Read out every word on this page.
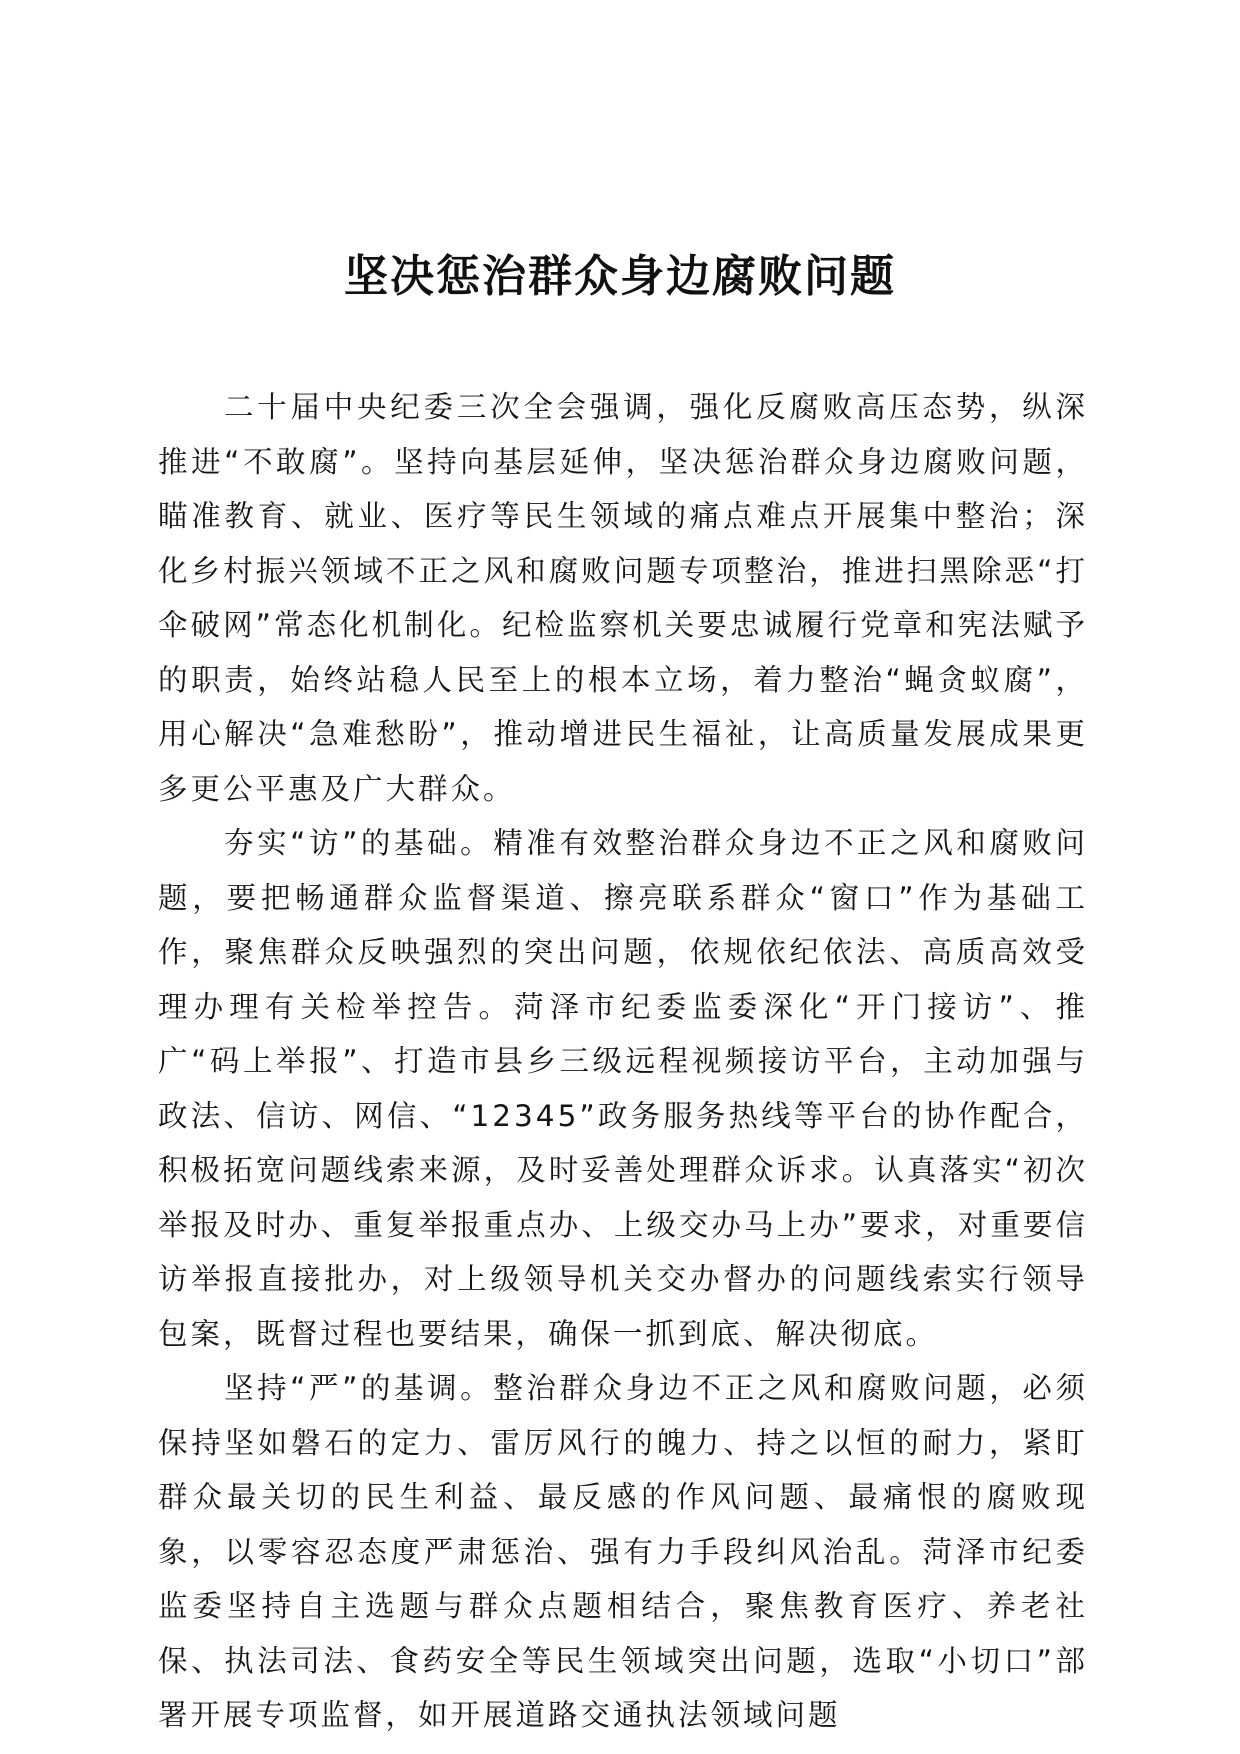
坚决惩治群众身边腐败问题

二十届中央纪委三次全会强调，强化反腐败高压态势，纵深推进“不敢腐”。坚持向基层延伸，坚决惩治群众身边腐败问题，瞄准教育、就业、医疗等民生领域的痛点难点开展集中整治；深化乡村振兴领域不正之风和腐败问题专项整治，推进扫黑除恶“打伞破网”常态化机制化。纪检监察机关要忠诚履行党章和宪法赋予的职责，始终站稳人民至上的根本立场，着力整治“蝇贪蚁腐”，用心解决“急难愁盼”，推动增进民生福祉，让高质量发展成果更多更公平惠及广大群众。

夯实“访”的基础。精准有效整治群众身边不正之风和腐败问题，要把畅通群众监督渠道、擦亮联系群众“窗口”作为基础工作，聚焦群众反映强烈的突出问题，依规依纪依法、高质高效受理办理有关检举控告。菏泽市纪委监委深化“开门接访”、推广“码上举报”、打造市县乡三级远程视频接访平台，主动加强与政法、信访、网信、“12345”政务服务热线等平台的协作配合，积极拓宽问题线索来源，及时妥善处理群众诉求。认真落实“初次举报及时办、重复举报重点办、上级交办马上办”要求，对重要信访举报直接批办，对上级领导机关交办督办的问题线索实行领导包案，既督过程也要结果，确保一抓到底、解决彻底。

坚持“严”的基调。整治群众身边不正之风和腐败问题，必须保持坚如磐石的定力、雷厉风行的魄力、持之以恒的耐力，紧盯群众最关切的民生利益、最反感的作风问题、最痛恨的腐败现象，以零容忍态度严肃惩治、强有力手段纠风治乱。菏泽市纪委监委坚持自主选题与群众点题相结合，聚焦教育医疗、养老社保、执法司法、食药安全等民生领域突出问题，选取“小切口”部署开展专项监督，如开展道路交通执法领域问题
